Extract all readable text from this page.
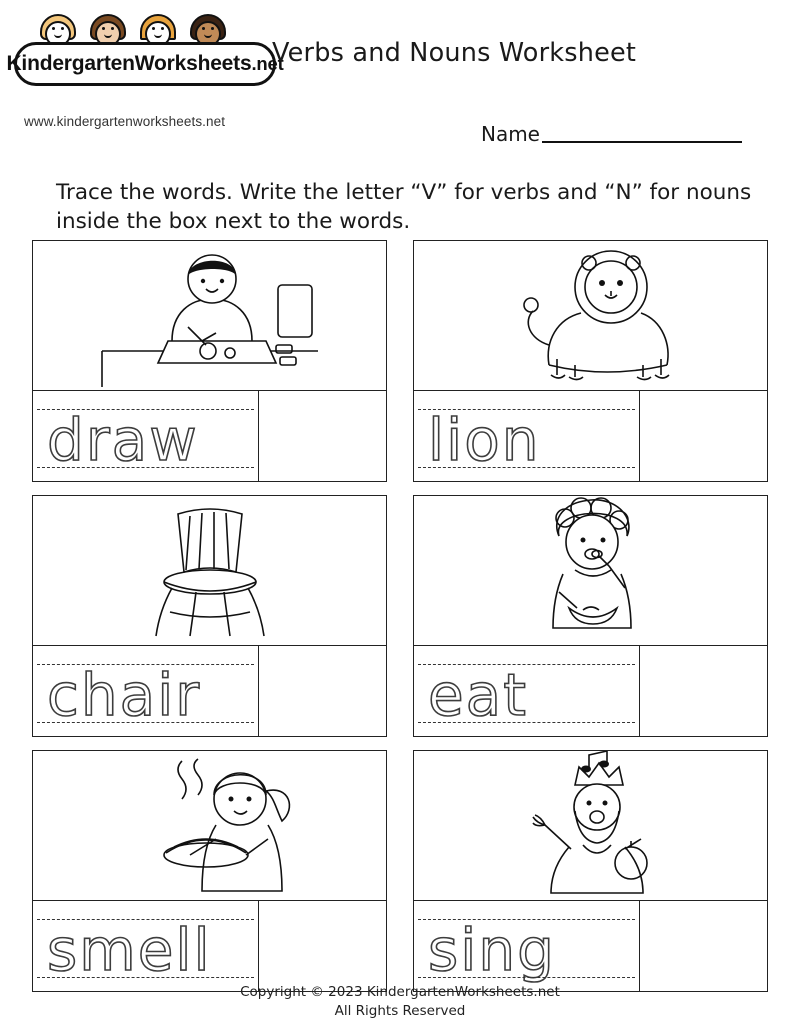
KindergartenWorksheets.net
www.kindergartenworksheets.net
Verbs and Nouns Worksheet
Name
Trace the words. Write the letter “V” for verbs and “N” for nouns inside the box next to the words.
draw	lion
chair	eat
smell	sing
Copyright © 2023 KindergartenWorksheets.net
All Rights Reserved
